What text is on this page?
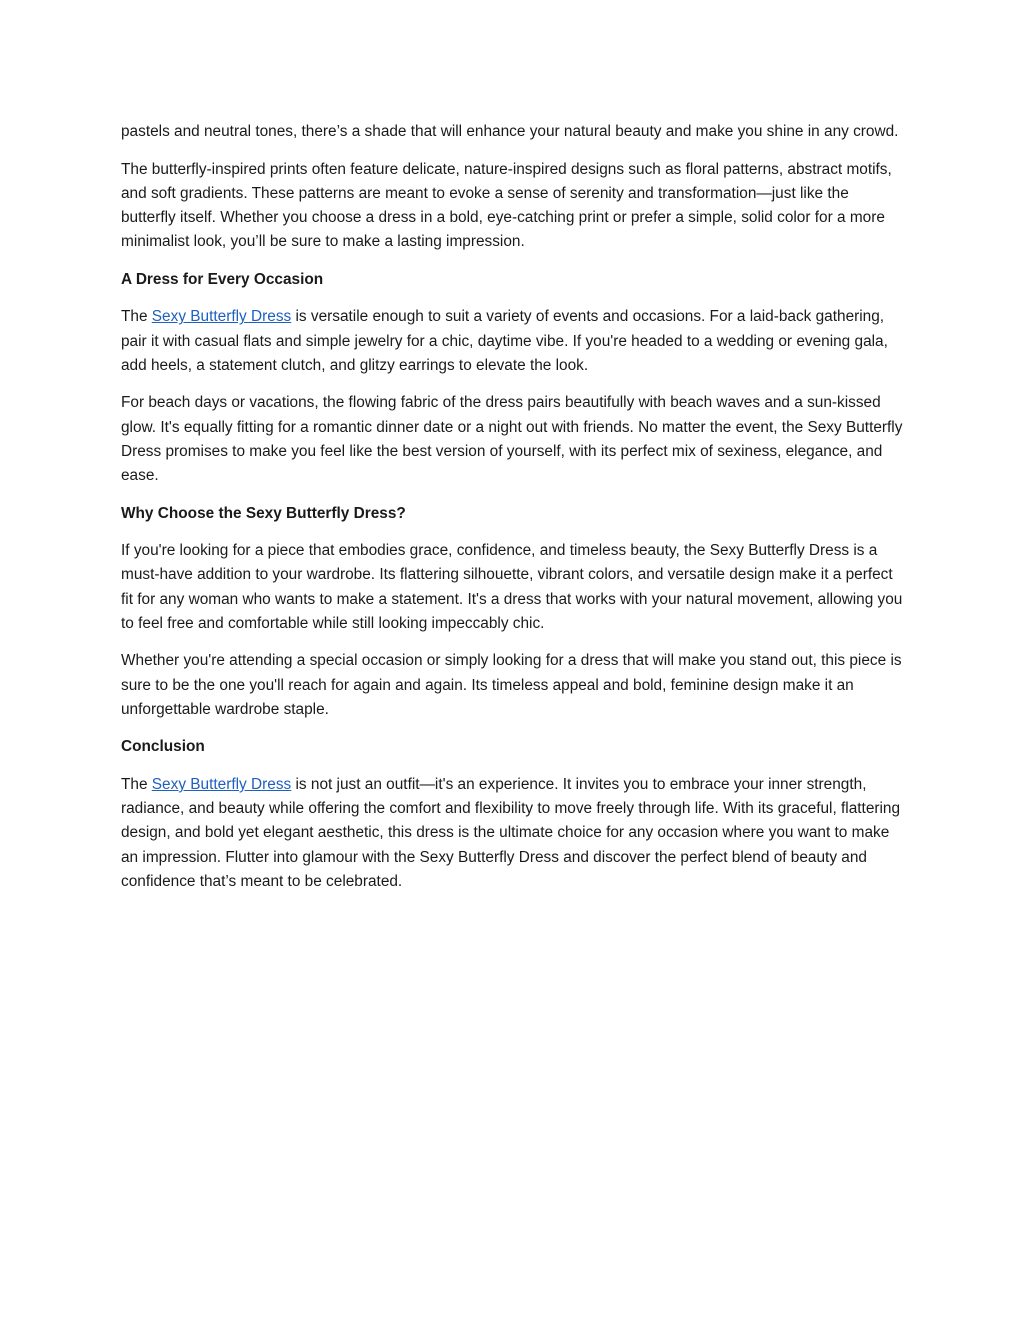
pastels and neutral tones, there’s a shade that will enhance your natural beauty and make you shine in any crowd.

The butterfly-inspired prints often feature delicate, nature-inspired designs such as floral patterns, abstract motifs, and soft gradients. These patterns are meant to evoke a sense of serenity and transformation—just like the butterfly itself. Whether you choose a dress in a bold, eye-catching print or prefer a simple, solid color for a more minimalist look, you’ll be sure to make a lasting impression.

A Dress for Every Occasion

The Sexy Butterfly Dress is versatile enough to suit a variety of events and occasions. For a laid-back gathering, pair it with casual flats and simple jewelry for a chic, daytime vibe. If you're headed to a wedding or evening gala, add heels, a statement clutch, and glitzy earrings to elevate the look.

For beach days or vacations, the flowing fabric of the dress pairs beautifully with beach waves and a sun-kissed glow. It's equally fitting for a romantic dinner date or a night out with friends. No matter the event, the Sexy Butterfly Dress promises to make you feel like the best version of yourself, with its perfect mix of sexiness, elegance, and ease.

Why Choose the Sexy Butterfly Dress?

If you're looking for a piece that embodies grace, confidence, and timeless beauty, the Sexy Butterfly Dress is a must-have addition to your wardrobe. Its flattering silhouette, vibrant colors, and versatile design make it a perfect fit for any woman who wants to make a statement. It's a dress that works with your natural movement, allowing you to feel free and comfortable while still looking impeccably chic.

Whether you're attending a special occasion or simply looking for a dress that will make you stand out, this piece is sure to be the one you'll reach for again and again. Its timeless appeal and bold, feminine design make it an unforgettable wardrobe staple.

Conclusion

The Sexy Butterfly Dress is not just an outfit—it's an experience. It invites you to embrace your inner strength, radiance, and beauty while offering the comfort and flexibility to move freely through life. With its graceful, flattering design, and bold yet elegant aesthetic, this dress is the ultimate choice for any occasion where you want to make an impression. Flutter into glamour with the Sexy Butterfly Dress and discover the perfect blend of beauty and confidence that’s meant to be celebrated.
